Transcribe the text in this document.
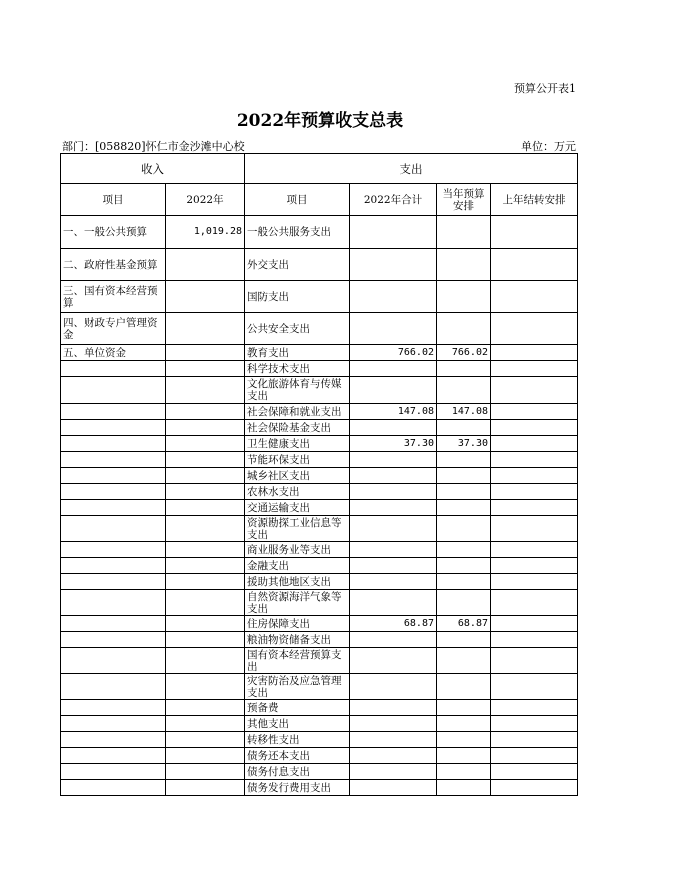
预算公开表1
2022年预算收支总表
部门：[058820]怀仁市金沙滩中心校	单位：万元
收入		支出			
项目	2022年	项目	2022年合计	当年预算安排	上年结转安排
一、一般公共预算	1,019.28	一般公共服务支出			
二、政府性基金预算		外交支出			
三、国有资本经营预算		国防支出			
四、财政专户管理资金		公共安全支出			
五、单位资金		教育支出	766.02	766.02	
		科学技术支出			
		文化旅游体育与传媒支出			
		社会保障和就业支出	147.08	147.08	
		社会保险基金支出			
		卫生健康支出	37.30	37.30	
		节能环保支出			
		城乡社区支出			
		农林水支出			
		交通运输支出			
		资源勘探工业信息等支出			
		商业服务业等支出			
		金融支出			
		援助其他地区支出			
		自然资源海洋气象等支出			
		住房保障支出	68.87	68.87	
		粮油物资储备支出			
		国有资本经营预算支出			
		灾害防治及应急管理支出			
		预备费			
		其他支出			
		转移性支出			
		债务还本支出			
		债务付息支出			
		债务发行费用支出			
